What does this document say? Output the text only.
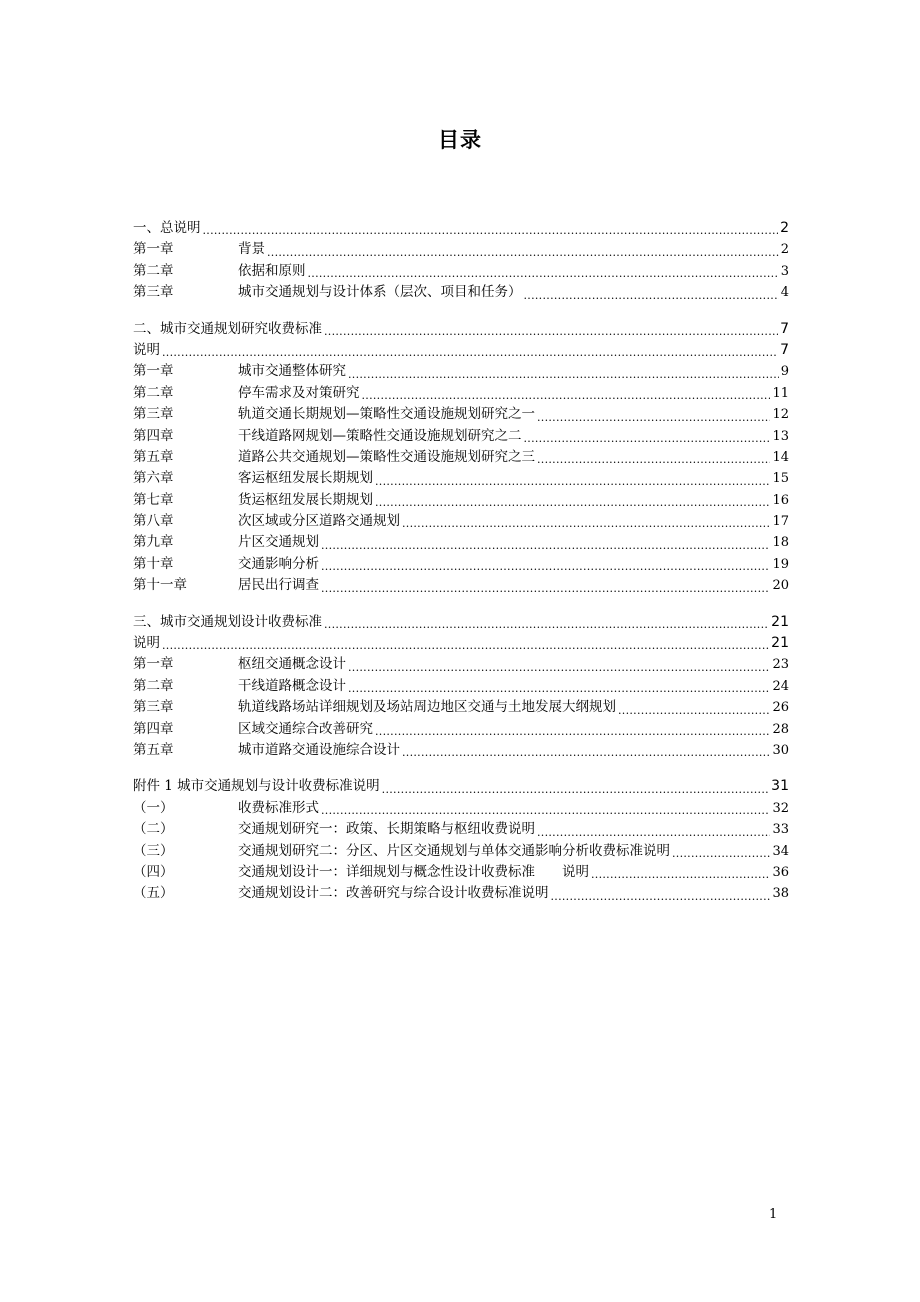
目录
一、总说明 .....	2
第一章	背景 .....	2
第二章	依据和原则 .....	3
第三章	城市交通规划与设计体系（层次、项目和任务） .....	4
二、城市交通规划研究收费标准 .....	7
说明 .....	7
第一章	城市交通整体研究 .....	9
第二章	停车需求及对策研究 .....	11
第三章	轨道交通长期规划—策略性交通设施规划研究之一 .....	12
第四章	干线道路网规划—策略性交通设施规划研究之二 .....	13
第五章	道路公共交通规划—策略性交通设施规划研究之三 .....	14
第六章	客运枢纽发展长期规划 .....	15
第七章	货运枢纽发展长期规划 .....	16
第八章	次区域或分区道路交通规划 .....	17
第九章	片区交通规划 .....	18
第十章	交通影响分析 .....	19
第十一章	居民出行调查 .....	20
三、城市交通规划设计收费标准 .....	21
说明 .....	21
第一章	枢纽交通概念设计 .....	23
第二章	干线道路概念设计 .....	24
第三章	轨道线路场站详细规划及场站周边地区交通与土地发展大纲规划 .....	26
第四章	区域交通综合改善研究 .....	28
第五章	城市道路交通设施综合设计 .....	30
附件 1 城市交通规划与设计收费标准说明 .....	31
（一）	收费标准形式 .....	32
（二）	交通规划研究一：政策、长期策略与枢纽收费说明 .....	33
（三）	交通规划研究二：分区、片区交通规划与单体交通影响分析收费标准说明 .....	34
（四）	交通规划设计一：详细规划与概念性设计收费标准　　说明 .....	36
（五）	交通规划设计二：改善研究与综合设计收费标准说明 .....	38
1
